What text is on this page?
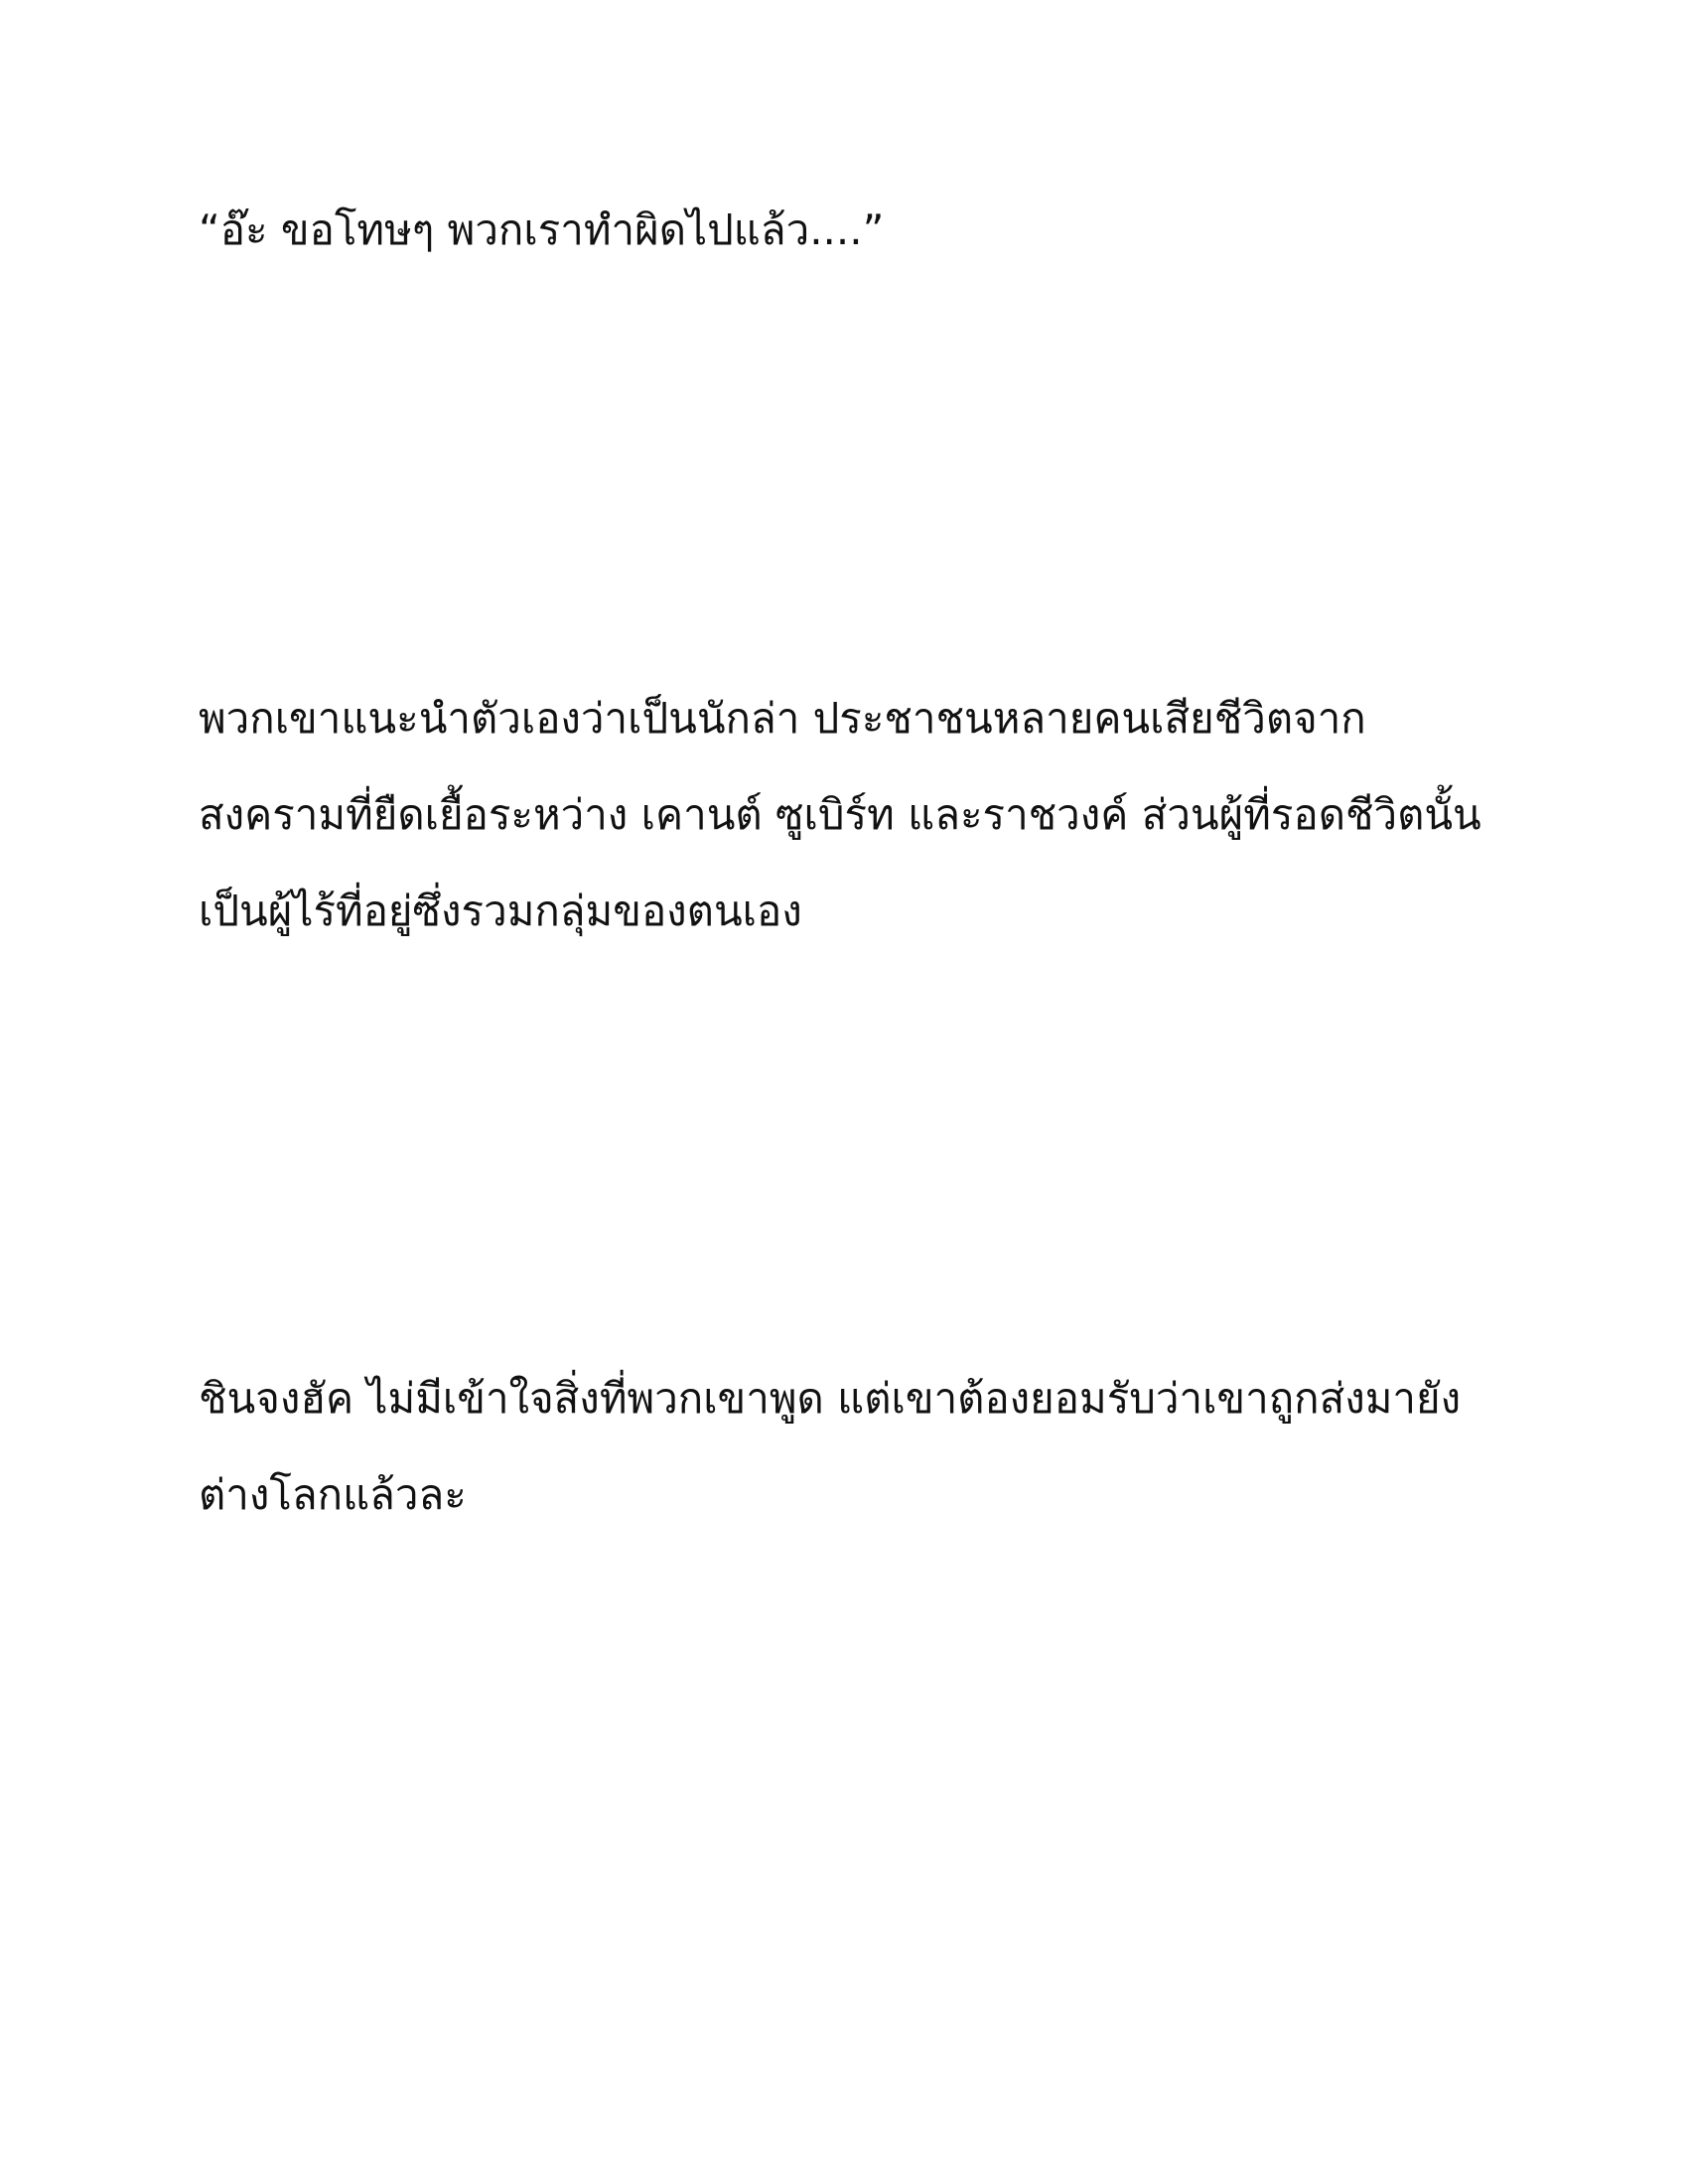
“อ๊ะ ขอโทษๆ พวกเราทำผิดไปแล้ว....”

พวกเขาแนะนำตัวเองว่าเป็นนักล่า ประชาชนหลายคนเสียชีวิตจาก

สงครามที่ยืดเยื้อระหว่าง เคานต์ ซูเบิร์ท และราชวงค์ ส่วนผู้ที่รอดชีวิตนั้น

เป็นผู้ไร้ที่อยู่ซึ่งรวมกลุ่มของตนเอง

ชินจงฮัค ไม่มีเข้าใจสิ่งที่พวกเขาพูด แต่เขาต้องยอมรับว่าเขาถูกส่งมายัง

ต่างโลกแล้วละ
